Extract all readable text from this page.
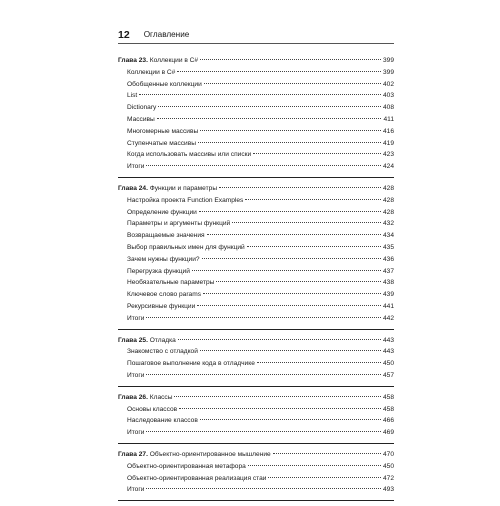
12 Оглавление
Глава 23. Коллекции в C#	399
Коллекции в C#	399
Обобщенные коллекции	402
List	403
Dictionary	408
Массивы	411
Многомерные массивы	416
Ступенчатые массивы	419
Когда использовать массивы или списки	423
Итоги	424
Глава 24. Функции и параметры	428
Настройка проекта Function Examples	428
Определение функции	428
Параметры и аргументы функций	432
Возвращаемые значения	434
Выбор правильных имен для функций	435
Зачем нужны функции?	436
Перегрузка функций	437
Необязательные параметры	438
Ключевое слово params	439
Рекурсивные функции	441
Итоги	442
Глава 25. Отладка	443
Знакомство с отладкой	443
Пошаговое выполнение кода в отладчике	450
Итоги	457
Глава 26. Классы	458
Основы классов	458
Наследование классов	466
Итоги	469
Глава 27. Объектно-ориентированное мышление	470
Объектно-ориентированная метафора	450
Объектно-ориентированная реализация стаи	472
Итоги	493
